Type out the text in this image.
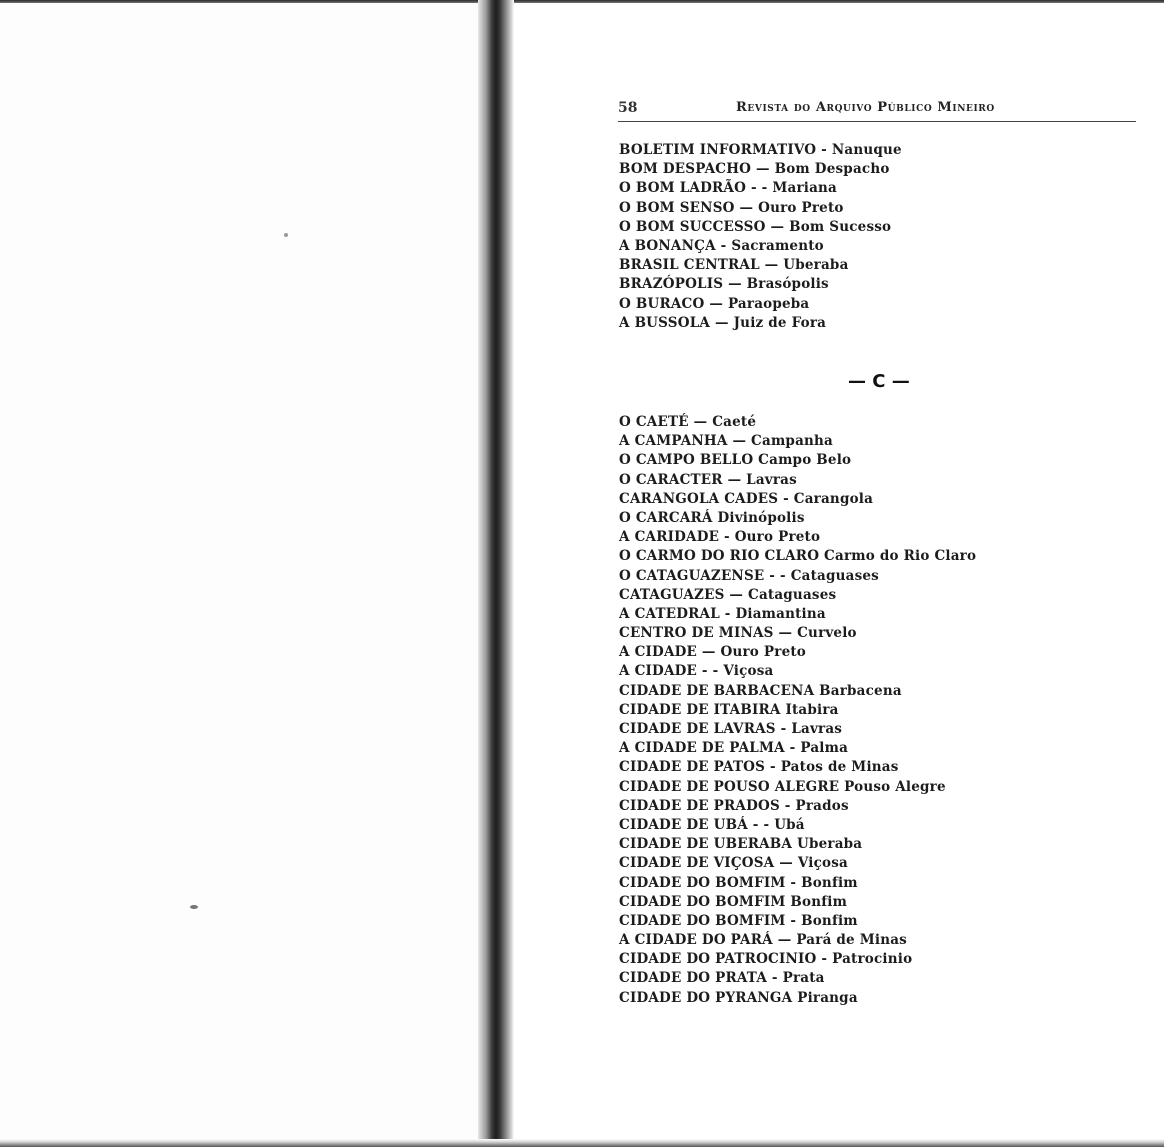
58	Revista do Arquivo Público Mineiro
BOLETIM INFORMATIVO - Nanuque
BOM DESPACHO — Bom Despacho
O BOM LADRÃO - - Mariana
O BOM SENSO — Ouro Preto
O BOM SUCCESSO — Bom Sucesso
A BONANÇA - Sacramento
BRASIL CENTRAL — Uberaba
BRAZÓPOLIS — Brasópolis
O BURACO — Paraopeba
A BUSSOLA — Juiz de Fora
— C —
O CAETÉ — Caeté
A CAMPANHA — Campanha
O CAMPO BELLO Campo Belo
O CARACTER — Lavras
CARANGOLA CADES - Carangola
O CARCARÁ Divinópolis
A CARIDADE - Ouro Preto
O CARMO DO RIO CLARO Carmo do Rio Claro
O CATAGUAZENSE - - Cataguases
CATAGUAZES — Cataguases
A CATEDRAL - Diamantina
CENTRO DE MINAS — Curvelo
A CIDADE — Ouro Preto
A CIDADE - - Viçosa
CIDADE DE BARBACENA Barbacena
CIDADE DE ITABIRA Itabira
CIDADE DE LAVRAS - Lavras
A CIDADE DE PALMA - Palma
CIDADE DE PATOS - Patos de Minas
CIDADE DE POUSO ALEGRE Pouso Alegre
CIDADE DE PRADOS - Prados
CIDADE DE UBÁ - - Ubá
CIDADE DE UBERABA Uberaba
CIDADE DE VIÇOSA — Viçosa
CIDADE DO BOMFIM - Bonfim
CIDADE DO BOMFIM Bonfim
CIDADE DO BOMFIM - Bonfim
A CIDADE DO PARÁ — Pará de Minas
CIDADE DO PATROCINIO - Patrocinio
CIDADE DO PRATA - Prata
CIDADE DO PYRANGA Piranga
